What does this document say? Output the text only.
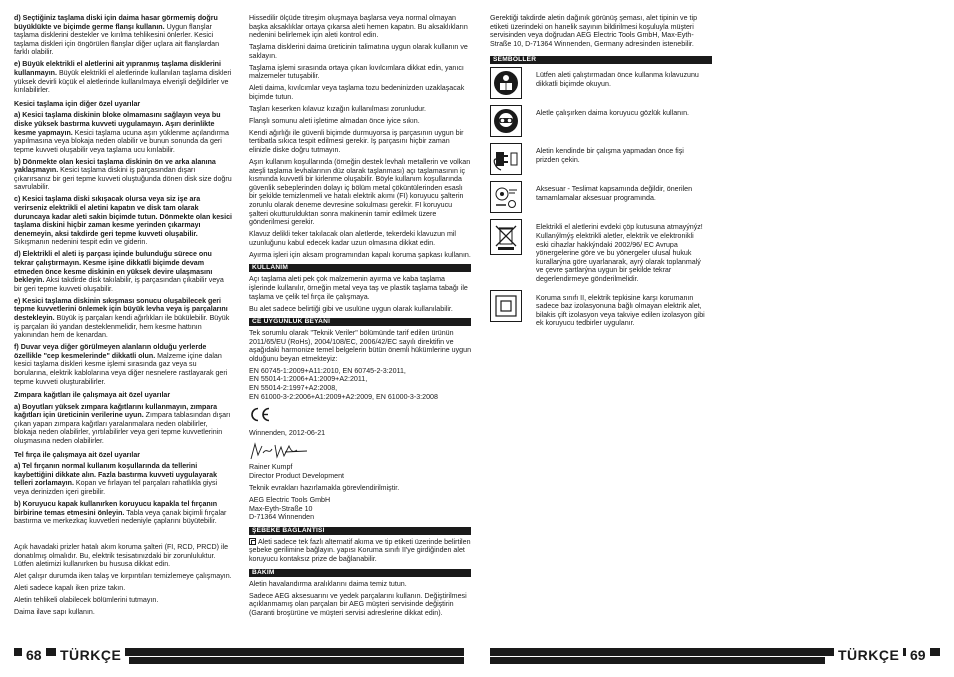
d) Seçtiğiniz taşlama diski için daima hasar görmemiş doğru büyüklükte ve biçimde germe flanşı kullanın. Uygun flanşlar taşlama disklerini destekler ve kırılma tehlikesini önlerler. Kesici taşlama diskleri için öngörülen flanşlar diğer uçlara ait flanşlardan farklı olabilir.

e) Büyük elektrikli el aletlerini ait yıpranmış taşlama disklerini kullanmayın. Büyük elektrikli el aletlerinde kullanılan taşlama diskleri yüksek devirli küçük el aletlerinde kullanılmaya elverişli değildirler ve kırılabilirler.

Kesici taşlama için diğer özel uyarılar

a) Kesici taşlama diskinin bloke olmamasını sağlayın veya bu diske yüksek bastırma kuvveti uygulamayın. Aşırı derinlikte kesme yapmayın. Kesici taşlama ucuna aşırı yüklenme açılandırma yapılmasına veya blokaja neden olabilir ve bunun sonunda da geri tepme kuvveti oluşabilir veya taşlama ucu kırılabilir.

b) Dönmekte olan kesici taşlama diskinin ön ve arka alanına yaklaşmayın. Kesici taşlama diskini iş parçasından dışarı çıkarırsanız bir geri tepme kuvveti oluştuğunda dönen disk size doğru savrulabilir.

c) Kesici taşlama diski sıkışacak olursa veya siz işe ara verirseniz elektrikli el aletini kapatın ve disk tam olarak duruncaya kadar aleti sakin biçimde tutun. Dönmekte olan kesici taşlama diskini hiçbir zaman kesme yerinden çıkarmayı denemeyin, aksi takdirde geri tepme kuvveti oluşabilir. Sıkışmanın nedenini tespit edin ve giderin.

d) Elektrikli el aleti iş parçası içinde bulunduğu sürece onu tekrar çalıştırmayın. Kesme işine dikkatli biçimde devam etmeden önce kesme diskinin en yüksek devire ulaşmasını bekleyin. Aksi takdirde disk takılabilir, iş parçasından çıkabilir veya bir geri tepme kuvveti oluşabilir.

e) Kesici taşlama diskinin sıkışması sonucu oluşabilecek geri tepme kuvvetlerini önlemek için büyük levha veya iş parçalarını destekleyin. Büyük iş parçaları kendi ağırlıkları ile bükülebilir. Büyük iş parçaları iki yandan desteklenmelidir, hem kesme hattının yakınından hem de kenardan.

f) Duvar veya diğer görülmeyen alanların olduğu yerlerde özellikle "cep kesmelerinde" dikkatli olun. Malzeme içine dalan kesici taşlama diskleri kesme işlemi sırasında gaz veya su borularına, elektrik kablolarına veya diğer nesnelere rastlayarak geri tepme kuvveti oluşturabilirler.

Zımpara kağıtları ile çalışmaya ait özel uyarılar

a) Boyutları yüksek zımpara kağıtlarını kullanmayın, zımpara kağıtları için üreticinin verilerine uyun. Zımpara tablasından dışarı çıkan yapan zımpara kağıtları yaralanmalara neden olabilirler, blokaja neden olabilirler, yırtılabilirler veya geri tepme kuvvetlerinin oluşmasına neden olabilirler.

Tel fırça ile çalışmaya ait özel uyarılar

a) Tel fırçanın normal kullanım koşullarında da tellerini kaybettiğini dikkate alın. Fazla bastırma kuvveti uygulayarak telleri zorlamayın. Kopan ve fırlayan tel parçaları rahatlıkla giysi veya derinizden içeri girebilir.

b) Koruyucu kapak kullanırken koruyucu kapakla tel fırçanın birbirine temas etmesini önleyin. Tabla veya çanak biçimli fırçalar bastırma ve merkezkaç kuvvetleri nedeniyle çaplarını büyütebilir.

Açık havadaki prizler hatalı akım koruma şalteri (FI, RCD, PRCD) ile donatılmış olmalıdır. Bu, elektrik tesisatınızdaki bir zorunluluktur. Lütfen aletimizi kullanırken bu hususa dikkat edin.

Alet çalışır durumda iken talaş ve kırpıntıları temizlemeye çalışmayın.

Aleti sadece kapalı iken prize takın.

Aletin tehlikeli olabilecek bölümlerini tutmayın.

Daima ilave sapı kullanın.

Hissedilir ölçüde titreşim oluşmaya başlarsa veya normal olmayan başka aksaklıklar ortaya çıkarsa aleti hemen kapatın. Bu aksaklıkların nedenini belirlemek için aleti kontrol edin.

Taşlama disklerini daima üreticinin talimatına uygun olarak kullanın ve saklayın.

Taşlama işlemi sırasında ortaya çıkan kıvılcımlara dikkat edin, yanıcı malzemeler tutuşabilir.

Aleti daima, kıvılcımlar veya taşlama tozu bedeninizden uzaklaşacak biçimde tutun.

Taşları keserken kılavuz kızağın kullanılması zorunludur.

Flanşlı somunu aleti işletime almadan önce iyice sıkın.

Kendi ağırlığı ile güvenli biçimde durmuyorsa iş parçasının uygun bir tertibatla sıkıca tespit edilmesi gerekir. İş parçasını hiçbir zaman elinizle diske doğru tutmayın.

Aşırı kullanım koşullarında (örneğin destek levhalı metallerin ve volkan ateşli taşlama levhalarının düz olarak taşlanması) açı taşlamasının iç kısmında kuvvetli bir kirlenme oluşabilir. Böyle kullanım koşullarında güvenlik sebeplerinden dolayı iç bölüm metal çöküntülerinden esaslı bir şekilde temizlenmeli ve hatalı elektrik akımı (FI) koruyucu şalterin zorunlu olarak deneme devresine sokulması gerekir. FI koruyucu şalteri okutturulduktan sonra makinenin tamir edilmek üzere gönderilmesi gerekir.

Klavuz delikli teker takılacak olan aletlerde, tekerdeki klavuzun mil uzunluğunu kabul edecek kadar uzun olmasına dikkat edin.

Ayırma işleri için aksam programından kapalı koruma şapkası kullanın.

KULLANIM

Açı taşlama aleti pek çok malzemenin ayırma ve kaba taşlama işlerinde kullanılır, örneğin metal veya taş ve plastik taşlama tabağı ile taşlama ve çelik tel fırça ile çalışmaya.

Bu alet sadece belirtiği gibi ve usulüne uygun olarak kullanılabilir.

CE UYGUNLUK BEYANI

Tek sorumlu olarak "Teknik Veriler" bölümünde tarif edilen ürünün 2011/65/EU (RoHs), 2004/108/EC, 2006/42/EC sayılı direktifin ve aşağıdaki harmonize temel belgelerin bütün önemli hükümlerine uygun olduğunu beyan etmekteyiz:

EN 60745-1:2009+A11:2010, EN 60745-2-3:2011,
EN 55014-1:2006+A1:2009+A2:2011,
EN 55014-2:1997+A2:2008,
EN 61000-3-2:2006+A1:2009+A2:2009, EN 61000-3-3:2008

Winnenden, 2012-06-21

Rainer Kumpf

Director Product Development

Teknik evrakları hazırlamakla görevlendirilmiştir.

AEG Electric Tools GmbH
Max-Eyth-Straße 10
D-71364 Winnenden
ŞEBEKE BAĞLANTISI

Aleti sadece tek fazlı alternatif akıma ve tip etiketi üzerinde belirtilen şebeke gerilimine bağlayın. yapısı Koruma sınıfı II'ye girdiğinden alet koruyucu kontaksız prize de bağlanabilir.

BAKIM

Aletin havalandırma aralıklarını daima temiz tutun.

Sadece AEG aksesuarını ve yedek parçalarını kullanın. Değiştirilmesi açıklanmamış olan parçaları bir AEG müşteri servisinde değiştirin (Garanti broşürüne ve müşteri servisi adreslerine dikkat edin).

Gerektiği takdirde aletin dağınık görünüş şeması, alet tipinin ve tip etiketi üzerindeki on hanelik sayının bildirilmesi koşuluyla müşteri servisinden veya doğrudan AEG Electric Tools GmbH, Max-Eyth-Straße 10, D-71364 Winnenden, Germany adresinden istenebilir.

SEMBOLLER
Lütfen aleti çalıştırmadan önce kullanma kılavuzunu dikkatli biçimde okuyun.
Aletle çalışırken daima koruyucu gözlük kullanın.
Aletin kendinde bir çalışma yapmadan önce fişi prizden çekin.
Aksesuar - Teslimat kapsamında değildir, önerilen tamamlamalar aksesuar programında.
Elektrikli el aletlerini evdeki çöp kutusuna atmayýnýz! Kullanýlmýş elektrikli aletler, elektrik ve elektronikli eski cihazlar hakkýndaki 2002/96/ EC Avrupa yönergelerine göre ve bu yönergeler ulusal hukuk kurallarýna göre uyarlanarak, ayrý olarak toplanmalý ve çevre şartlarýna uygun bir şekilde tekrar degerlendirmeye gönderilmelidir.
Koruma sınıfı II, elektrik tepkisine karşı korumanın sadece baz izolasyonuna bağlı olmayan elektrik alet, bilakis çift izolasyon veya takviye edilen izolasyon gibi ek koruyucu tedbirler uygulanır.
68 TÜRKÇE	TÜRKÇE 69
